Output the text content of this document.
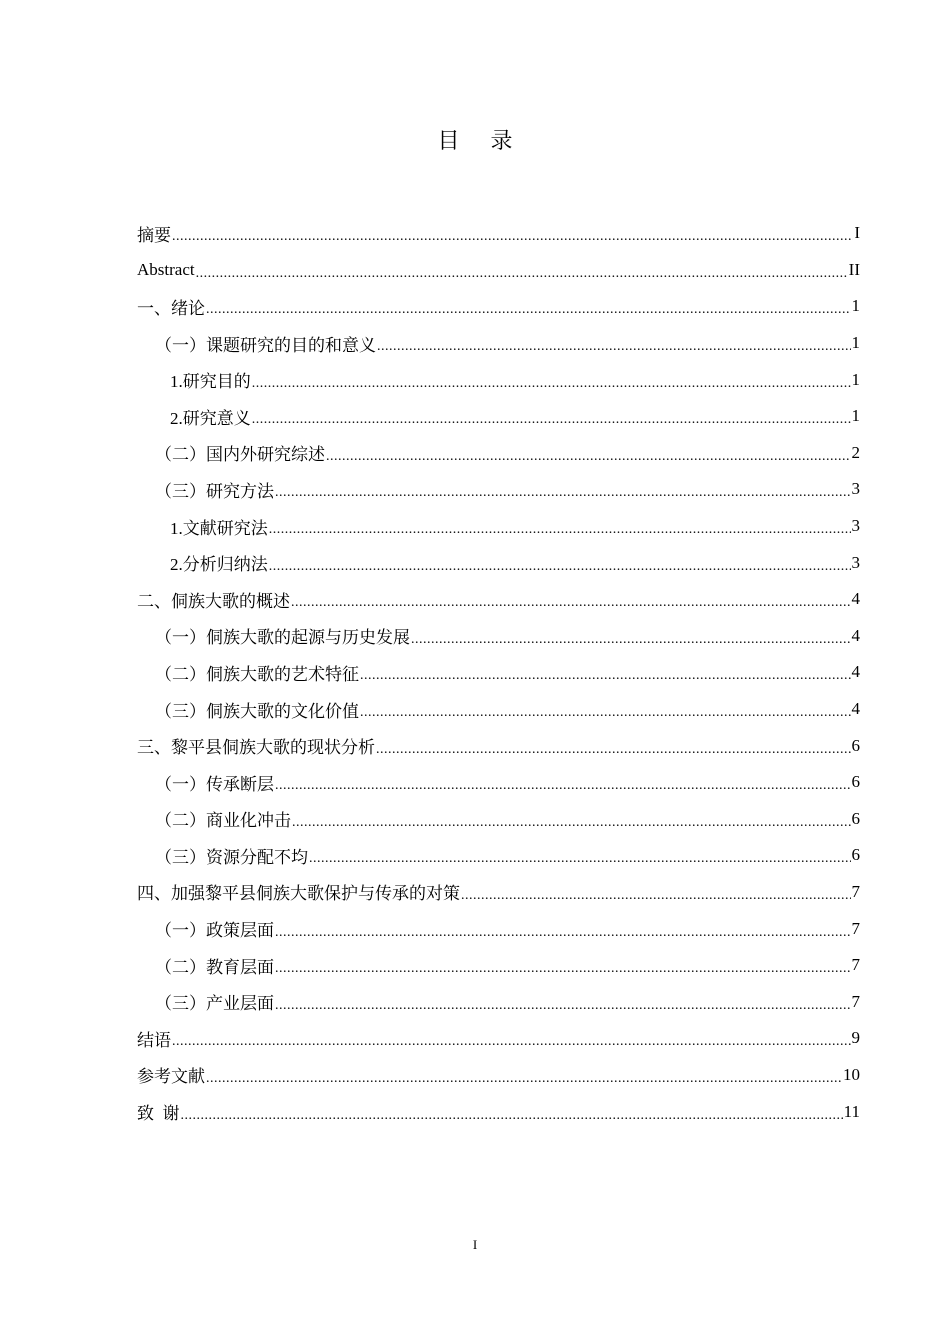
目 录
摘要 .....	I
Abstract .....	II
一、绪论 .....	1
（一）课题研究的目的和意义 .....	1
1.研究目的 .....	1
2.研究意义 .....	1
（二）国内外研究综述 .....	2
（三）研究方法 .....	3
1.文献研究法 .....	3
2.分析归纳法 .....	3
二、侗族大歌的概述 .....	4
（一）侗族大歌的起源与历史发展 .....	4
（二）侗族大歌的艺术特征 .....	4
（三）侗族大歌的文化价值 .....	4
三、黎平县侗族大歌的现状分析 .....	6
（一）传承断层 .....	6
（二）商业化冲击 .....	6
（三）资源分配不均 .....	6
四、加强黎平县侗族大歌保护与传承的对策 .....	7
（一）政策层面 .....	7
（二）教育层面 .....	7
（三）产业层面 .....	7
结语 .....	9
参考文献 .....	10
致  谢 .....	11
I
